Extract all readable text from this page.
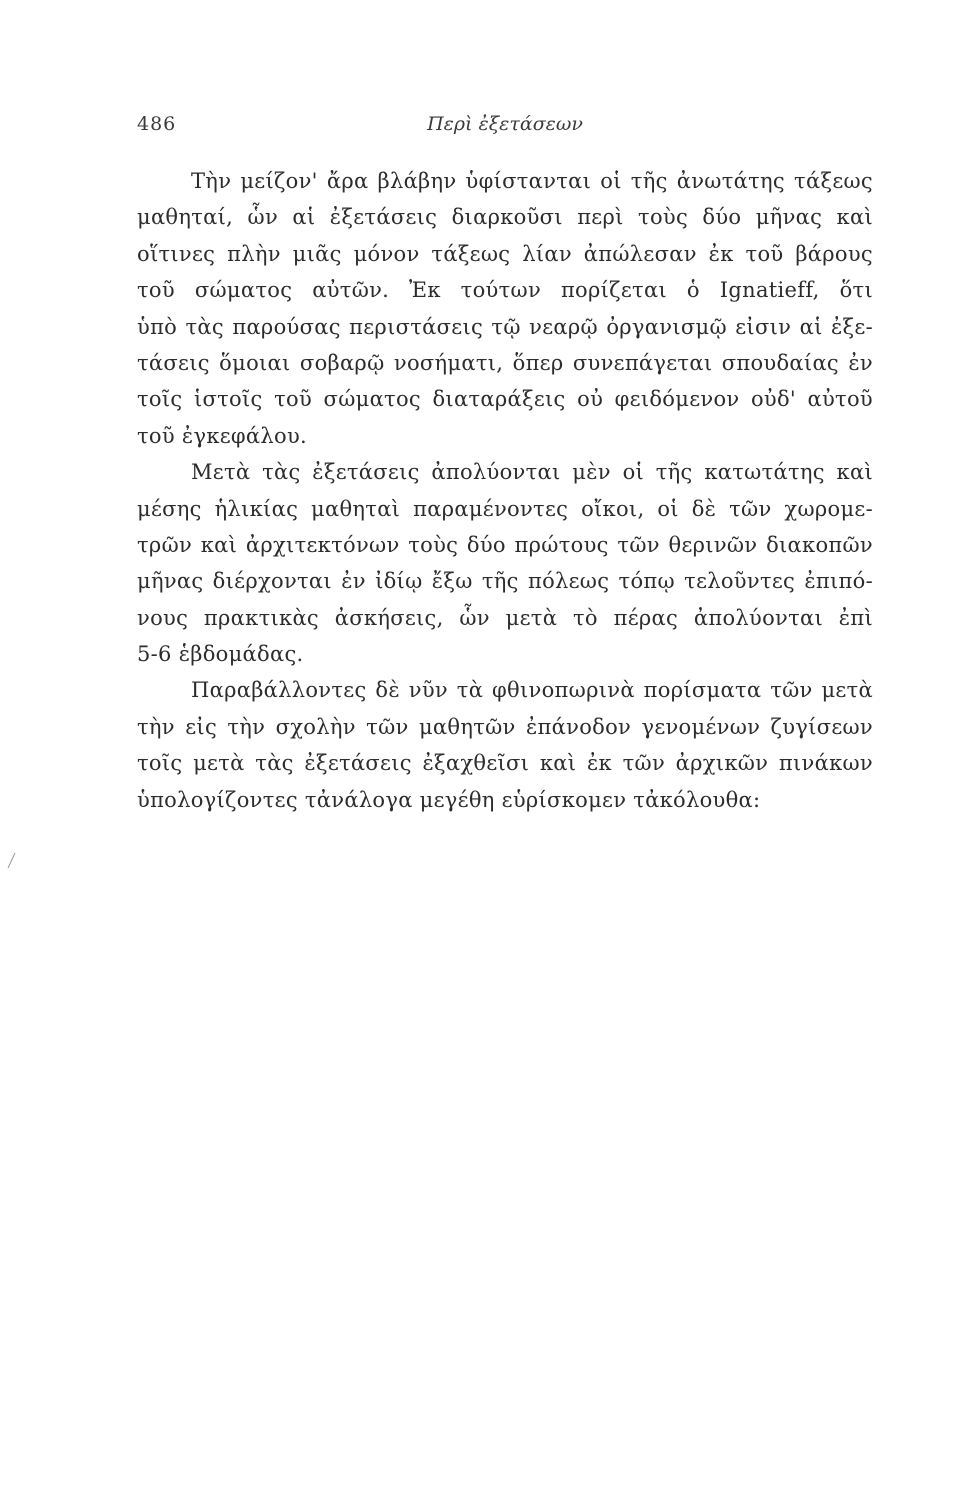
486	Περὶ ἐξετάσεων
Τὴν μείζον' ἄρα βλάβην ὑφίστανται οἱ τῆς ἀνωτάτης τάξεως
μαθηταί, ὧν αἱ ἐξετάσεις διαρκοῦσι περὶ τοὺς δύο μῆνας καὶ
οἵτινες πλὴν μιᾶς μόνον τάξεως λίαν ἀπώλεσαν ἐκ τοῦ βάρους
τοῦ σώματος αὐτῶν. Ἐκ τούτων πορίζεται ὁ Ignatieff, ὅτι
ὑπὸ τὰς παρούσας περιστάσεις τῷ νεαρῷ ὀργανισμῷ εἰσιν αἱ ἐξε-
τάσεις ὅμοιαι σοβαρῷ νοσήματι, ὅπερ συνεπάγεται σπουδαίας ἐν
τοῖς ἱστοῖς τοῦ σώματος διαταράξεις οὐ φειδόμενον οὐδ' αὐτοῦ
τοῦ ἐγκεφάλου.
Μετὰ τὰς ἐξετάσεις ἀπολύονται μὲν οἱ τῆς κατωτάτης καὶ
μέσης ἡλικίας μαθηταὶ παραμένοντες οἴκοι, οἱ δὲ τῶν χωρομε-
τρῶν καὶ ἀρχιτεκτόνων τοὺς δύο πρώτους τῶν θερινῶν διακοπῶν
μῆνας διέρχονται ἐν ἰδίῳ ἔξω τῆς πόλεως τόπῳ τελοῦντες ἐπιπό-
νους πρακτικὰς ἀσκήσεις, ὧν μετὰ τὸ πέρας ἀπολύονται ἐπὶ
5-6 ἑβδομάδας.
Παραβάλλοντες δὲ νῦν τὰ φθινοπωρινὰ πορίσματα τῶν μετὰ
τὴν εἰς τὴν σχολὴν τῶν μαθητῶν ἐπάνοδον γενομένων ζυγίσεων
τοῖς μετὰ τὰς ἐξετάσεις ἐξαχθεῖσι καὶ ἐκ τῶν ἀρχικῶν πινάκων
ὑπολογίζοντες τἀνάλογα μεγέθη εὑρίσκομεν τἀκόλουθα:
